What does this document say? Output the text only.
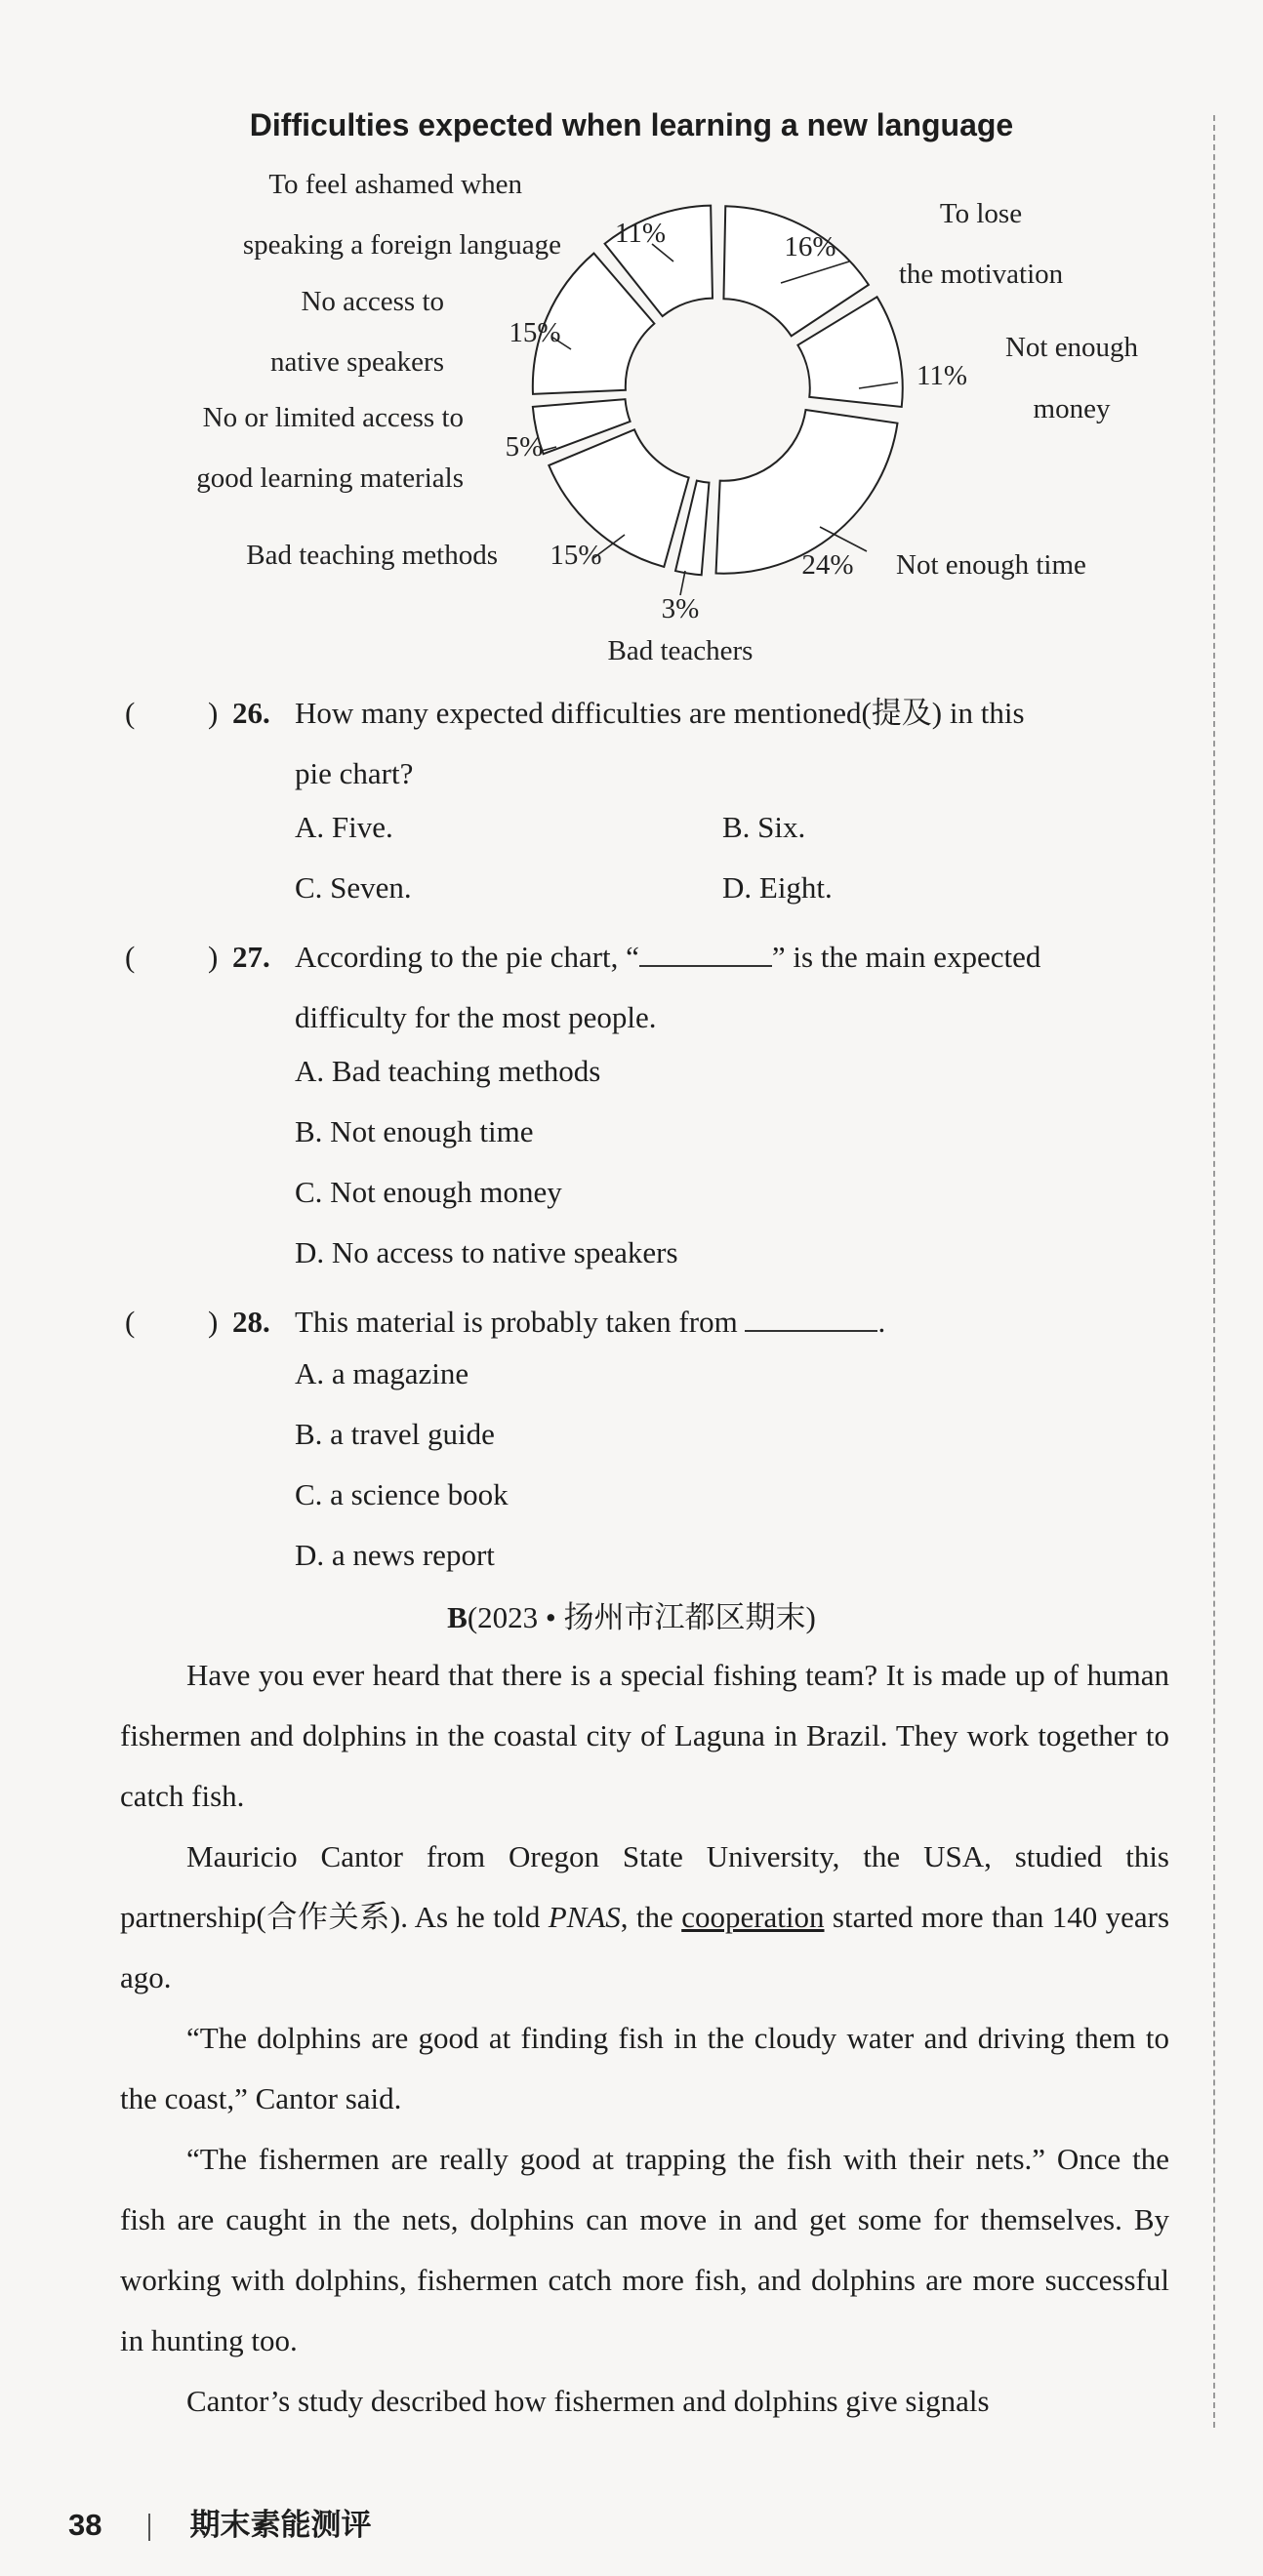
Difficulties expected when learning a new language
16%
To lose
the motivation
11%
Not enough
money
24% Not enough time
3%
Bad teachers
15%
Bad teaching methods
5%
No or limited access to
good learning materials
15%
No access to
native speakers
11%
To feel ashamed when
speaking a foreign language
( ) 26. How many expected difficulties are mentioned(提及) in this
pie chart?
A. Five.	B. Six.
C. Seven.	D. Eight.
( ) 27. According to the pie chart, “	” is the main expected
difficulty for the most people.
A. Bad teaching methods
B. Not enough time
C. Not enough money
D. No access to native speakers
( ) 28. This material is probably taken from	.
A. a magazine
B. a travel guide
C. a science book
D. a news report
B(2023 • 扬州市江都区期末)
Have you ever heard that there is a special fishing team? It is made up of human fishermen and dolphins in the coastal city of Laguna in Brazil. They work together to catch fish.
Mauricio Cantor from Oregon State University, the USA, studied this partnership(合作关系). As he told PNAS, the cooperation started more than 140 years ago.
“The dolphins are good at finding fish in the cloudy water and driving them to the coast,” Cantor said.
“The fishermen are really good at trapping the fish with their nets.” Once the fish are caught in the nets, dolphins can move in and get some for themselves. By working with dolphins, fishermen catch more fish, and dolphins are more successful in hunting too.
Cantor’s study described how fishermen and dolphins give signals
38	期末素能测评
